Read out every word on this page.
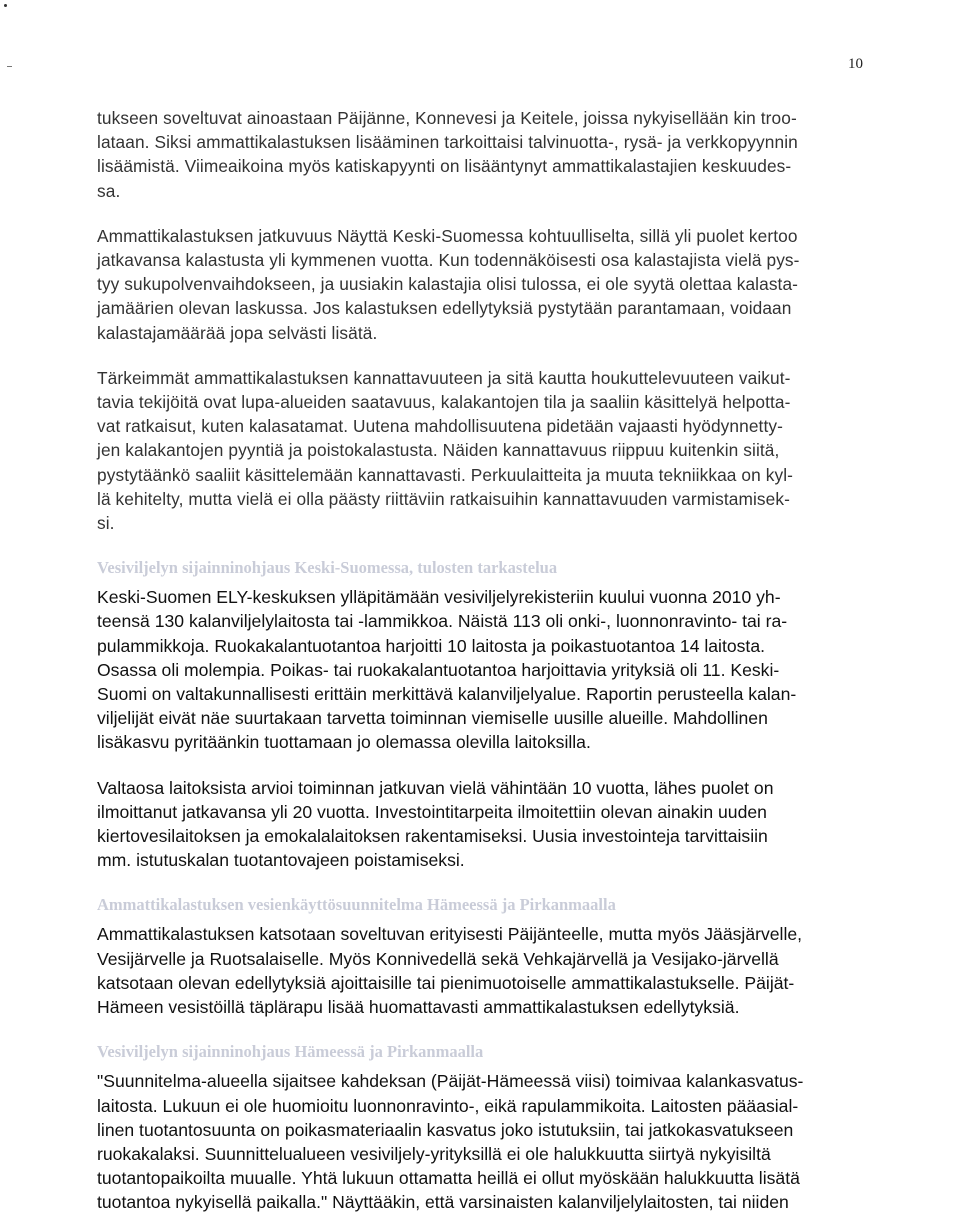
10

tukseen soveltuvat ainoastaan Päijänne, Konnevesi ja Keitele, joissa nykyisellään kin troo-
lataan. Siksi ammattikalastuksen lisääminen tarkoittaisi talvinuotta-, rysä- ja verkkopyynnin
lisäämistä. Viimeaikoina myös katiskapyynti on lisääntynyt ammattikalastajien keskuudes-
sa.

Ammattikalastuksen jatkuvuus Näyttä Keski-Suomessa kohtuulliselta, sillä yli puolet kertoo
jatkavansa kalastusta yli kymmenen vuotta. Kun todennäköisesti osa kalastajista vielä pys-
tyy sukupolvenvaihdokseen, ja uusiakin kalastajia olisi tulossa, ei ole syytä olettaa kalasta-
jamäärien olevan laskussa. Jos kalastuksen edellytyksiä pystytään parantamaan, voidaan
kalastajamäärää jopa selvästi lisätä.

Tärkeimmät ammattikalastuksen kannattavuuteen ja sitä kautta houkuttelevuuteen vaikut-
tavia tekijöitä ovat lupa-alueiden saatavuus, kalakantojen tila ja saaliin käsittelyä helpotta-
vat ratkaisut, kuten kalasatamat. Uutena mahdollisuutena pidetään vajaasti hyödynnetty-
jen kalakantojen pyyntiä ja poistokalastusta. Näiden kannattavuus riippuu kuitenkin siitä,
pystytäänkö saaliit käsittelemään kannattavasti. Perkuulaitteita ja muuta tekniikkaa on kyl-
lä kehitelty, mutta vielä ei olla päästy riittäviin ratkaisuihin kannattavuuden varmistamisek-
si.

Vesiviljelyn sijainninohjaus Keski-Suomessa, tulosten tarkastelua

Keski-Suomen ELY-keskuksen ylläpitämään vesiviljelyrekisteriin kuului vuonna 2010 yh-
teensä 130 kalanviljelylaitosta tai -lammikkoa. Näistä 113 oli onki-, luonnonravinto- tai ra-
pulammikkoja. Ruokakalantuotantoa harjoitti 10 laitosta ja poikastuotantoa 14 laitosta.
Osassa oli molempia. Poikas- tai ruokakalantuotantoa harjoittavia yrityksiä oli 11. Keski-
Suomi on valtakunnallisesti erittäin merkittävä kalanviljelyalue. Raportin perusteella kalan-
viljelijät eivät näe suurtakaan tarvetta toiminnan viemiselle uusille alueille. Mahdollinen
lisäkasvu pyritäänkin tuottamaan jo olemassa olevilla laitoksilla.

Valtaosa laitoksista arvioi toiminnan jatkuvan vielä vähintään 10 vuotta, lähes puolet on
ilmoittanut jatkavansa yli 20 vuotta. Investointitarpeita ilmoitettiin olevan ainakin uuden
kiertovesilaitoksen ja emokalalaitoksen rakentamiseksi. Uusia investointeja tarvittaisiin
mm. istutuskalan tuotantovajeen poistamiseksi.

Ammattikalastuksen vesienkäyttösuunnitelma Hämeessä ja Pirkanmaalla

Ammattikalastuksen katsotaan soveltuvan erityisesti Päijänteelle, mutta myös Jääsjärvelle,
Vesijärvelle ja Ruotsalaiselle. Myös Konnivedellä sekä Vehkajärvellä ja Vesijako-järvellä
katsotaan olevan edellytyksiä ajoittaisille tai pienimuotoiselle ammattikalastukselle. Päijät-
Hämeen vesistöillä täplärapu lisää huomattavasti ammattikalastuksen edellytyksiä.

Vesiviljelyn sijainninohjaus Hämeessä ja Pirkanmaalla

"Suunnitelma-alueella sijaitsee kahdeksan (Päijät-Hämeessä viisi) toimivaa kalankasvatus-
laitosta. Lukuun ei ole huomioitu luonnonravinto-, eikä rapulammikoita. Laitosten pääasial-
linen tuotantosuunta on poikasmateriaalin kasvatus joko istutuksiin, tai jatkokasvatukseen
ruokakalaksi. Suunnittelualueen vesiviljely-yrityksillä ei ole halukkuutta siirtyä nykyisiltä
tuotantopaikoilta muualle. Yhtä lukuun ottamatta heillä ei ollut myöskään halukkuutta lisätä
tuotantoa nykyisellä paikalla." Näyttääkin, että varsinaisten kalanviljelylaitosten, tai niiden
